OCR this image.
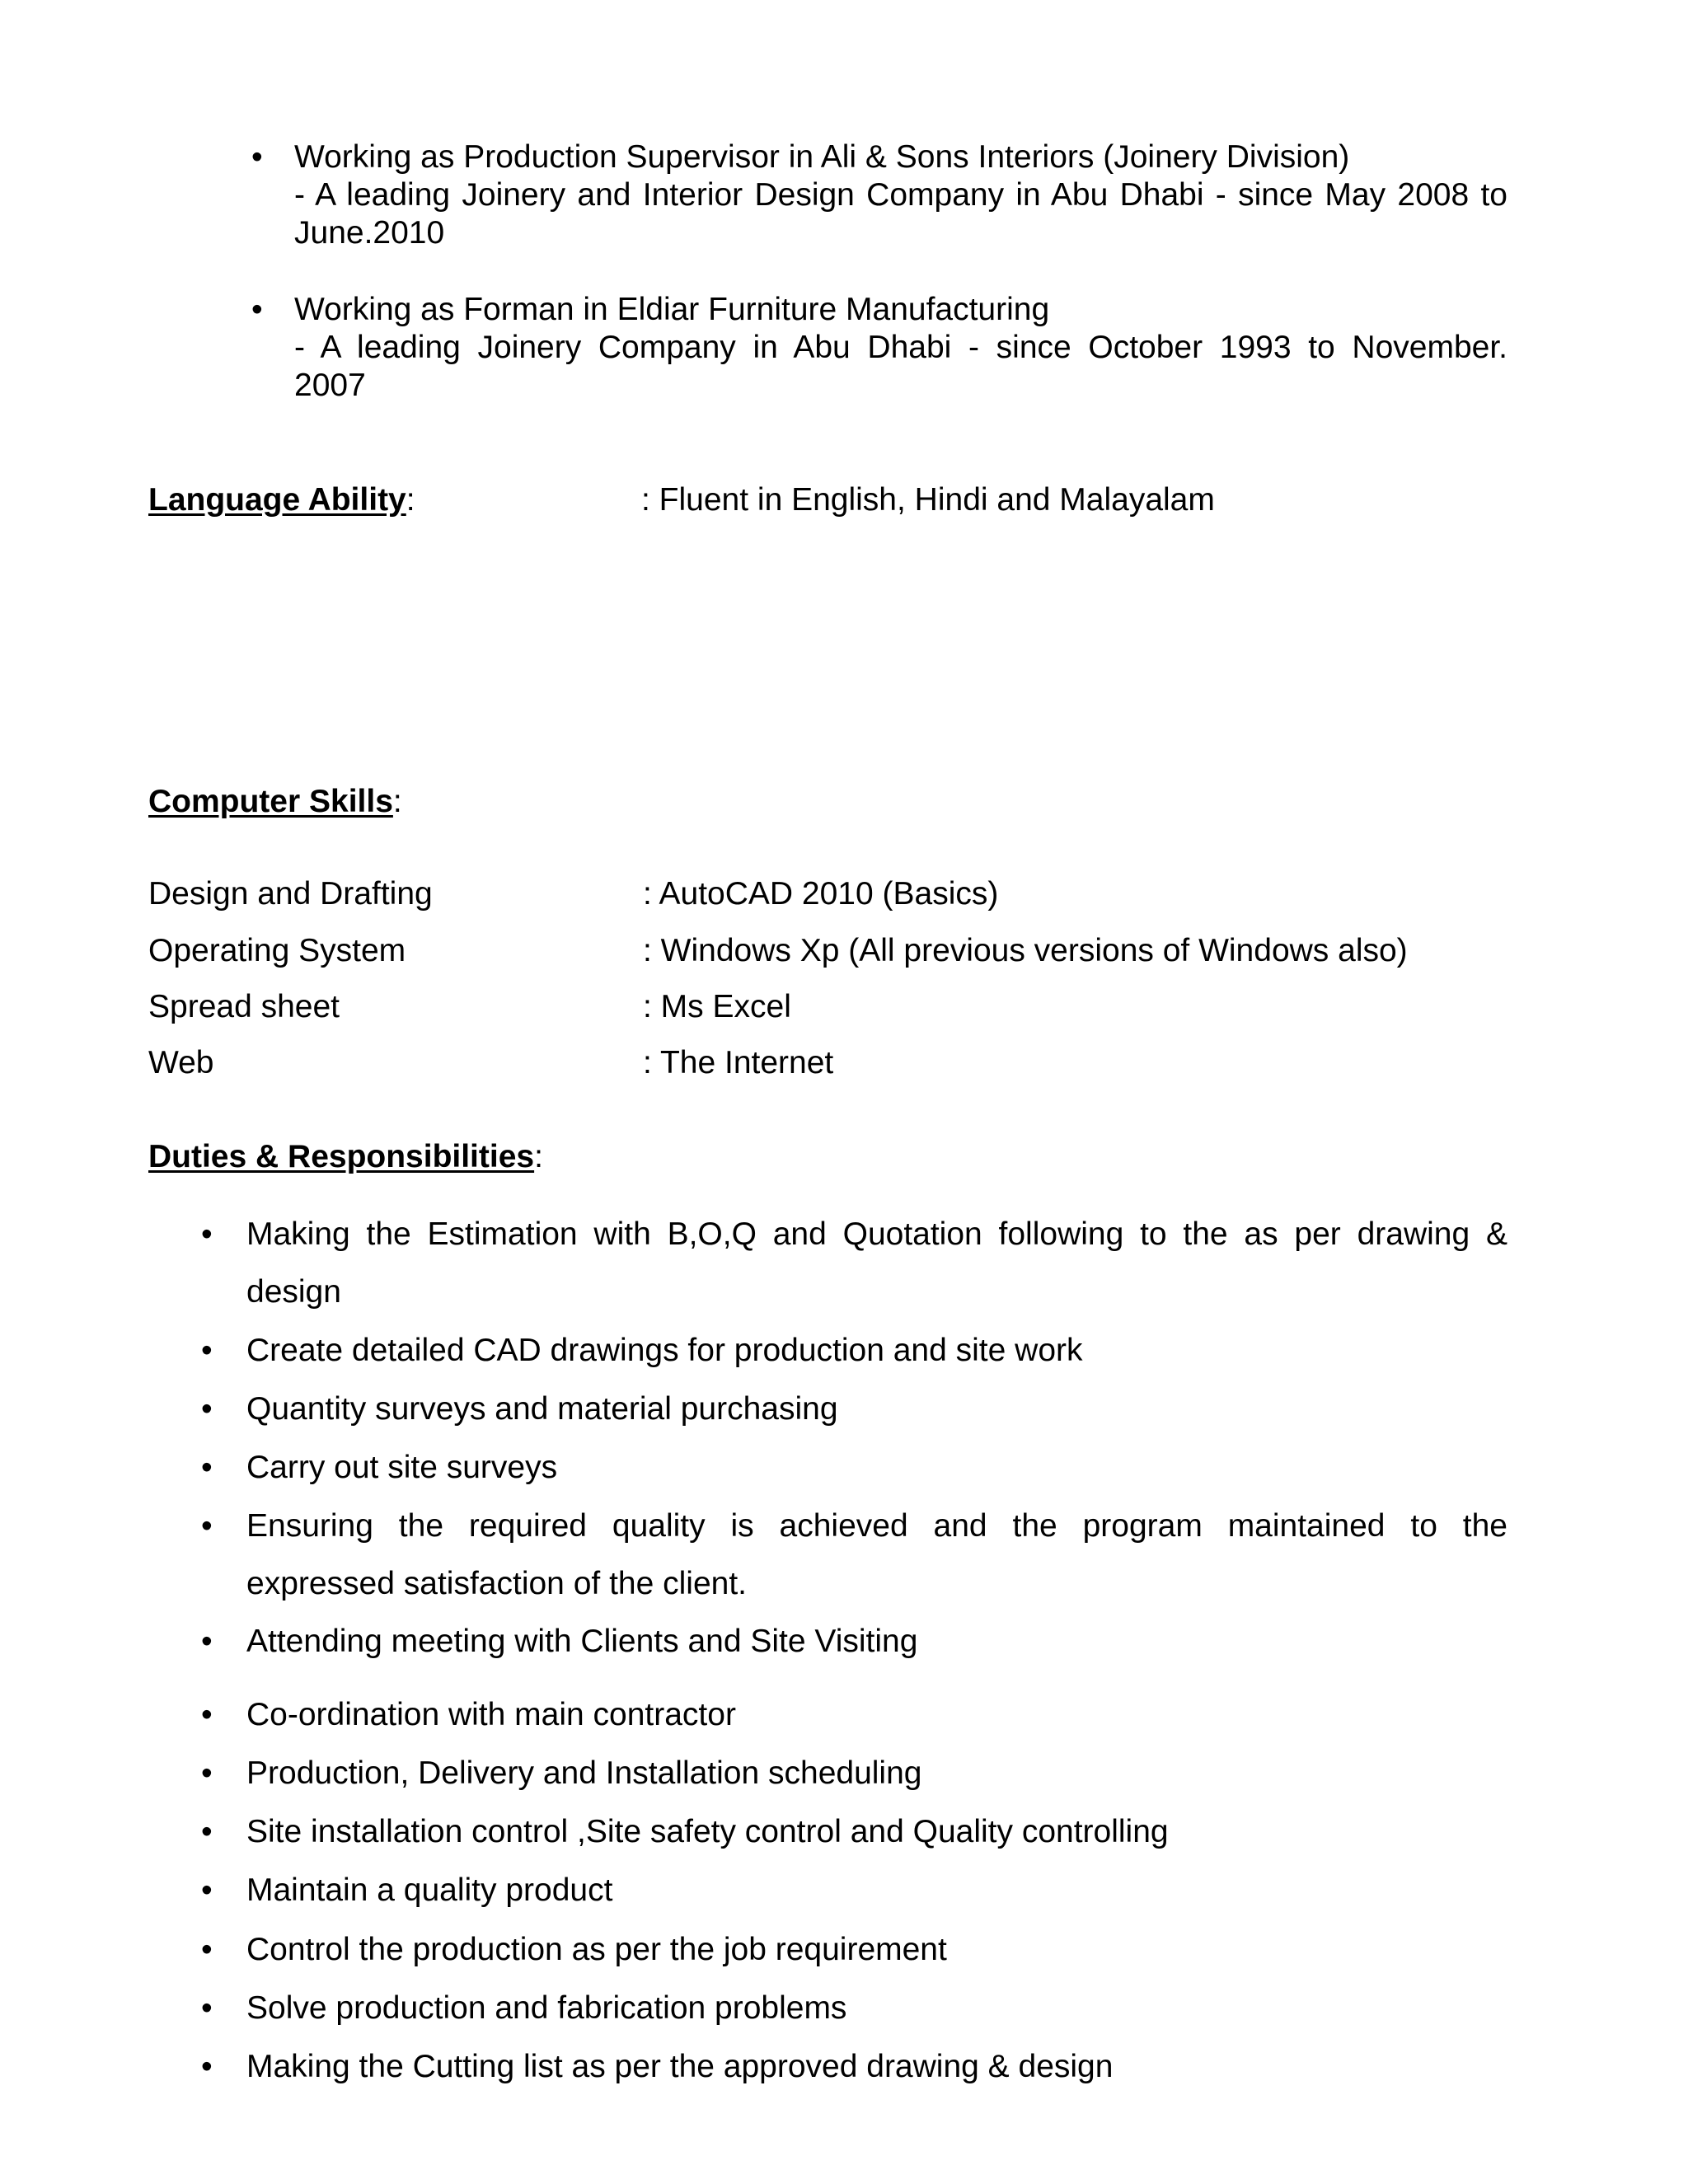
• Working as Production Supervisor in Ali & Sons Interiors (Joinery Division)
- A leading Joinery and Interior Design Company in Abu Dhabi - since May 2008 to
June.2010
• Working as Forman in Eldiar Furniture Manufacturing
- A leading Joinery Company in Abu Dhabi - since October 1993 to November.
2007
Language Ability:	: Fluent in English, Hindi and Malayalam
Computer Skills:
Design and Drafting	: AutoCAD 2010 (Basics)
Operating System	: Windows Xp (All previous versions of Windows also)
Spread sheet	: Ms Excel
Web	: The Internet
Duties & Responsibilities:
• Making the Estimation with B,O,Q and Quotation following to the as per drawing &
design
• Create detailed CAD drawings for production and site work
• Quantity surveys and material purchasing
• Carry out site surveys
• Ensuring the required quality is achieved and the program maintained to the
expressed satisfaction of the client.
• Attending meeting with Clients and Site Visiting
• Co-ordination with main contractor
• Production, Delivery and Installation scheduling
• Site installation control ,Site safety control and Quality controlling
• Maintain a quality product
• Control the production as per the job requirement
• Solve production and fabrication problems
• Making the Cutting list as per the approved drawing & design
